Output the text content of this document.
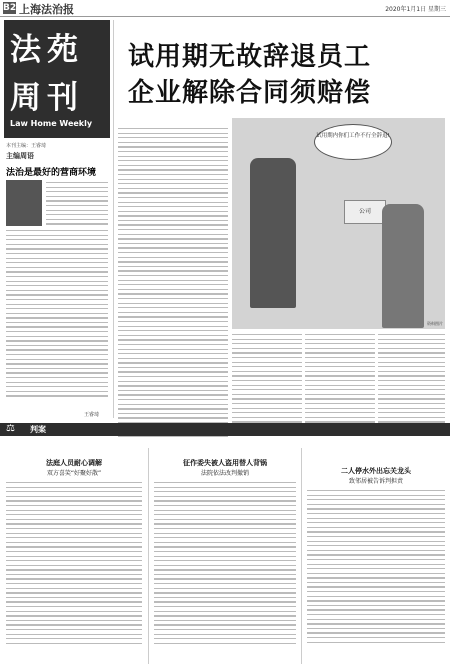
B2 上海法治报	2020年1月1日 星期三
法苑
周刊
Law Home Weekly
本刊主编：王睿琦
试用期无故辞退员工
企业解除合同须赔偿
试用期内你们工作不行全辞退!
公司
资料图片
主编周语
法治是最好的营商环境
王睿琦
⚖ 判案
法庭人员耐心调解
双方喜笑“好聚好散”
征作委失被人盗用替人背锅
法院依法改判撤销	二人停水外出忘关龙头
致邻居被告诉判担责
